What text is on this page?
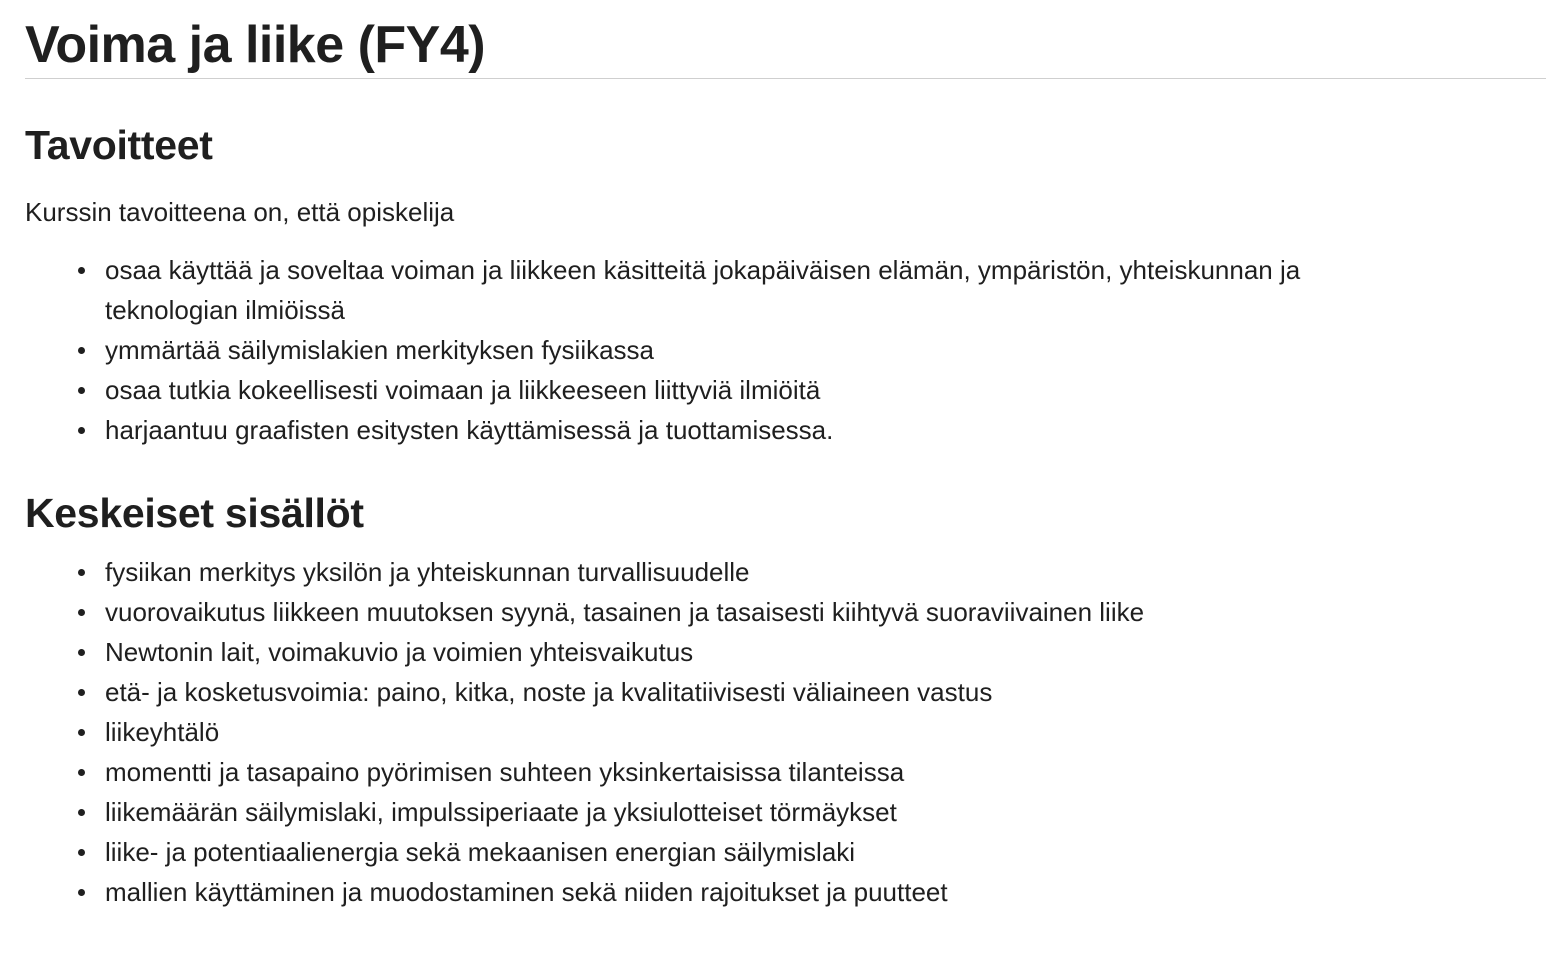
Voima ja liike (FY4)
Tavoitteet

Kurssin tavoitteena on, että opiskelija

osaa käyttää ja soveltaa voiman ja liikkeen käsitteitä jokapäiväisen elämän, ympäristön, yhteiskunnan ja teknologian ilmiöissä
ymmärtää säilymislakien merkityksen fysiikassa
osaa tutkia kokeellisesti voimaan ja liikkeeseen liittyviä ilmiöitä
harjaantuu graafisten esitysten käyttämisessä ja tuottamisessa.
Keskeiset sisällöt
fysiikan merkitys yksilön ja yhteiskunnan turvallisuudelle
vuorovaikutus liikkeen muutoksen syynä, tasainen ja tasaisesti kiihtyvä suoraviivainen liike
Newtonin lait, voimakuvio ja voimien yhteisvaikutus
etä- ja kosketusvoimia: paino, kitka, noste ja kvalitatiivisesti väliaineen vastus
liikeyhtälö
momentti ja tasapaino pyörimisen suhteen yksinkertaisissa tilanteissa
liikemäärän säilymislaki, impulssiperiaate ja yksiulotteiset törmäykset
liike- ja potentiaalienergia sekä mekaanisen energian säilymislaki
mallien käyttäminen ja muodostaminen sekä niiden rajoitukset ja puutteet
